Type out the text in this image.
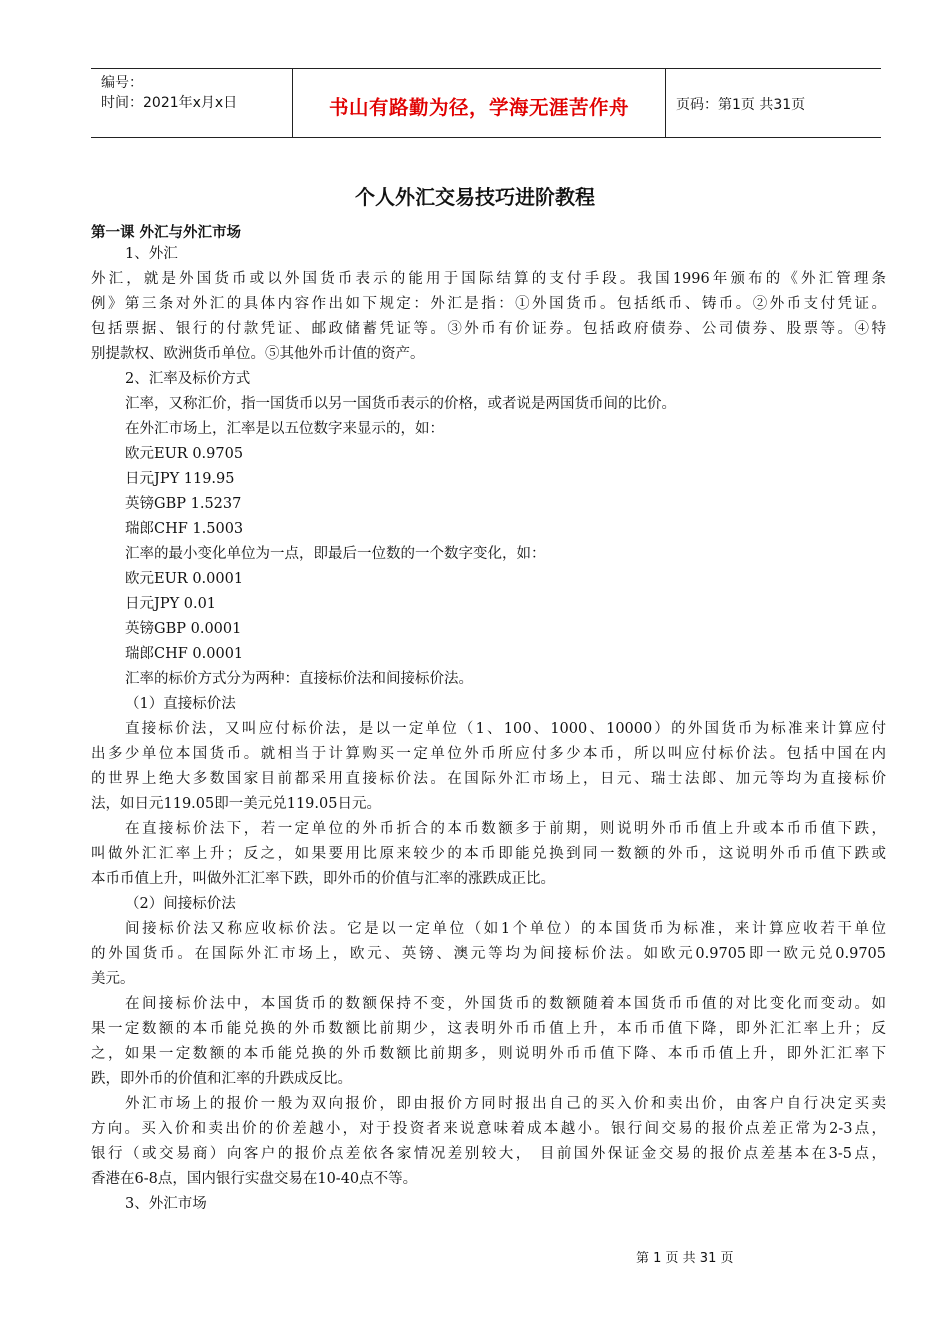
编号：
时间：2021年x月x日	书山有路勤为径，学海无涯苦作舟	页码：第1页 共31页
个人外汇交易技巧进阶教程
第一课 外汇与外汇市场
1、外汇
外汇，就是外国货币或以外国货币表示的能用于国际结算的支付手段。我国1996年颁布的《外汇管理条
例》第三条对外汇的具体内容作出如下规定：外汇是指：①外国货币。包括纸币、铸币。②外币支付凭证。
包括票据、银行的付款凭证、邮政储蓄凭证等。③外币有价证券。包括政府债券、公司债券、股票等。④特
别提款权、欧洲货币单位。⑤其他外币计值的资产。
2、汇率及标价方式
汇率，又称汇价，指一国货币以另一国货币表示的价格，或者说是两国货币间的比价。
在外汇市场上，汇率是以五位数字来显示的，如：
欧元EUR 0.9705
日元JPY 119.95
英镑GBP 1.5237
瑞郎CHF 1.5003
汇率的最小变化单位为一点，即最后一位数的一个数字变化，如：
欧元EUR 0.0001
日元JPY 0.01
英镑GBP 0.0001
瑞郎CHF 0.0001
汇率的标价方式分为两种：直接标价法和间接标价法。
（1）直接标价法
直接标价法，又叫应付标价法，是以一定单位（1、100、1000、10000）的外国货币为标准来计算应付
出多少单位本国货币。就相当于计算购买一定单位外币所应付多少本币，所以叫应付标价法。包括中国在内
的世界上绝大多数国家目前都采用直接标价法。在国际外汇市场上，日元、瑞士法郎、加元等均为直接标价
法，如日元119.05即一美元兑119.05日元。
在直接标价法下，若一定单位的外币折合的本币数额多于前期，则说明外币币值上升或本币币值下跌，
叫做外汇汇率上升；反之，如果要用比原来较少的本币即能兑换到同一数额的外币，这说明外币币值下跌或
本币币值上升，叫做外汇汇率下跌，即外币的价值与汇率的涨跌成正比。
（2）间接标价法
间接标价法又称应收标价法。它是以一定单位（如1个单位）的本国货币为标准，来计算应收若干单位
的外国货币。在国际外汇市场上，欧元、英镑、澳元等均为间接标价法。如欧元0.9705即一欧元兑0.9705
美元。
在间接标价法中，本国货币的数额保持不变，外国货币的数额随着本国货币币值的对比变化而变动。如
果一定数额的本币能兑换的外币数额比前期少，这表明外币币值上升，本币币值下降，即外汇汇率上升；反
之，如果一定数额的本币能兑换的外币数额比前期多，则说明外币币值下降、本币币值上升，即外汇汇率下
跌，即外币的价值和汇率的升跌成反比。
外汇市场上的报价一般为双向报价，即由报价方同时报出自己的买入价和卖出价，由客户自行决定买卖
方向。买入价和卖出价的价差越小，对于投资者来说意味着成本越小。银行间交易的报价点差正常为2-3点，
银行（或交易商）向客户的报价点差依各家情况差别较大， 目前国外保证金交易的报价点差基本在3-5点，
香港在6-8点，国内银行实盘交易在10-40点不等。
3、外汇市场
第 1 页 共 31 页
